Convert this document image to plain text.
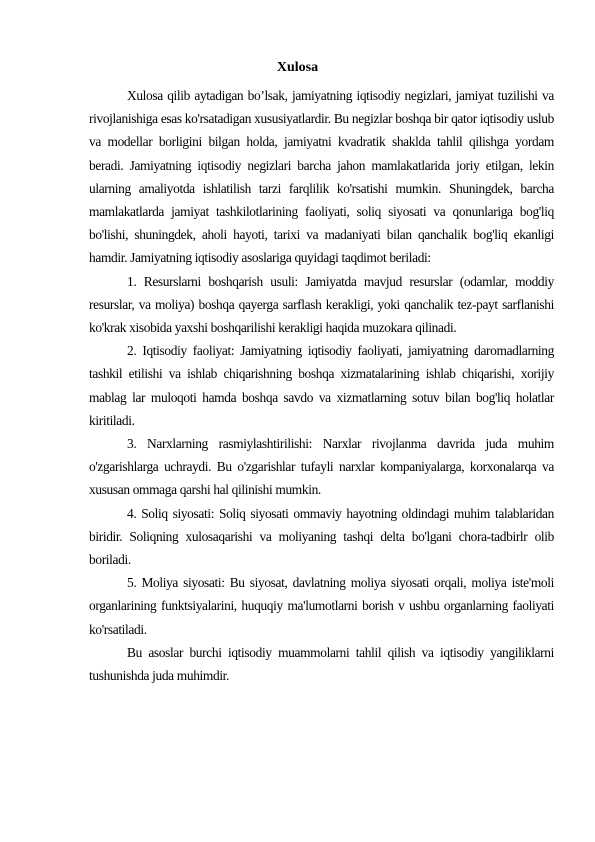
Xulosa

Xulosa qilib aytadigan bo’lsak, jamiyatning iqtisodiy negizlari, jamiyat tuzilishi va rivojlanishiga esas ko'rsatadigan xususiyatlardir. Bu negizlar boshqa bir qator iqtisodiy uslub va modellar borligini bilgan holda, jamiyatni kvadratik shaklda tahlil qilishga yordam beradi. Jamiyatning iqtisodiy negizlari barcha jahon mamlakatlarida joriy etilgan, lekin ularning amaliyotda ishlatilish tarzi farqlilik ko'rsatishi mumkin. Shuningdek, barcha mamlakatlarda jamiyat tashkilotlarining faoliyati, soliq siyosati va qonunlariga bog'liq bo'lishi, shuningdek, aholi hayoti, tarixi va madaniyati bilan qanchalik bog'liq ekanligi hamdir. Jamiyatning iqtisodiy asoslariga quyidagi taqdimot beriladi:

1. Resurslarni boshqarish usuli: Jamiyatda mavjud resurslar (odamlar, moddiy resurslar, va moliya) boshqa qayerga sarflash kerakligi, yoki qanchalik tez-payt sarflanishi ko'krak xisobida yaxshi boshqarilishi kerakligi haqida muzokara qilinadi.

2. Iqtisodiy faoliyat: Jamiyatning iqtisodiy faoliyati, jamiyatning daromadlarning tashkil etilishi va ishlab chiqarishning boshqa xizmatalarining ishlab chiqarishi, xorijiy mablag lar muloqoti hamda boshqa savdo va xizmatlarning sotuv bilan bog'liq holatlar kiritiladi.

3. Narxlarning rasmiylashtirilishi: Narxlar rivojlanma davrida juda muhim o'zgarishlarga uchraydi. Bu o'zgarishlar tufayli narxlar kompaniyalarga, korxonalarqa va xususan ommaga qarshi hal qilinishi mumkin.

4. Soliq siyosati: Soliq siyosati ommaviy hayotning oldindagi muhim talablaridan biridir. Soliqning xulosaqarishi va moliyaning tashqi delta bo'lgani chora-tadbirlr olib boriladi.

5. Moliya siyosati: Bu siyosat, davlatning moliya siyosati orqali, moliya iste'moli organlarining funktsiyalarini, huquqiy ma'lumotlarni borish v ushbu organlarning faoliyati ko'rsatiladi.

Bu asoslar burchi iqtisodiy muammolarni tahlil qilish va iqtisodiy yangiliklarni tushunishda juda muhimdir.
